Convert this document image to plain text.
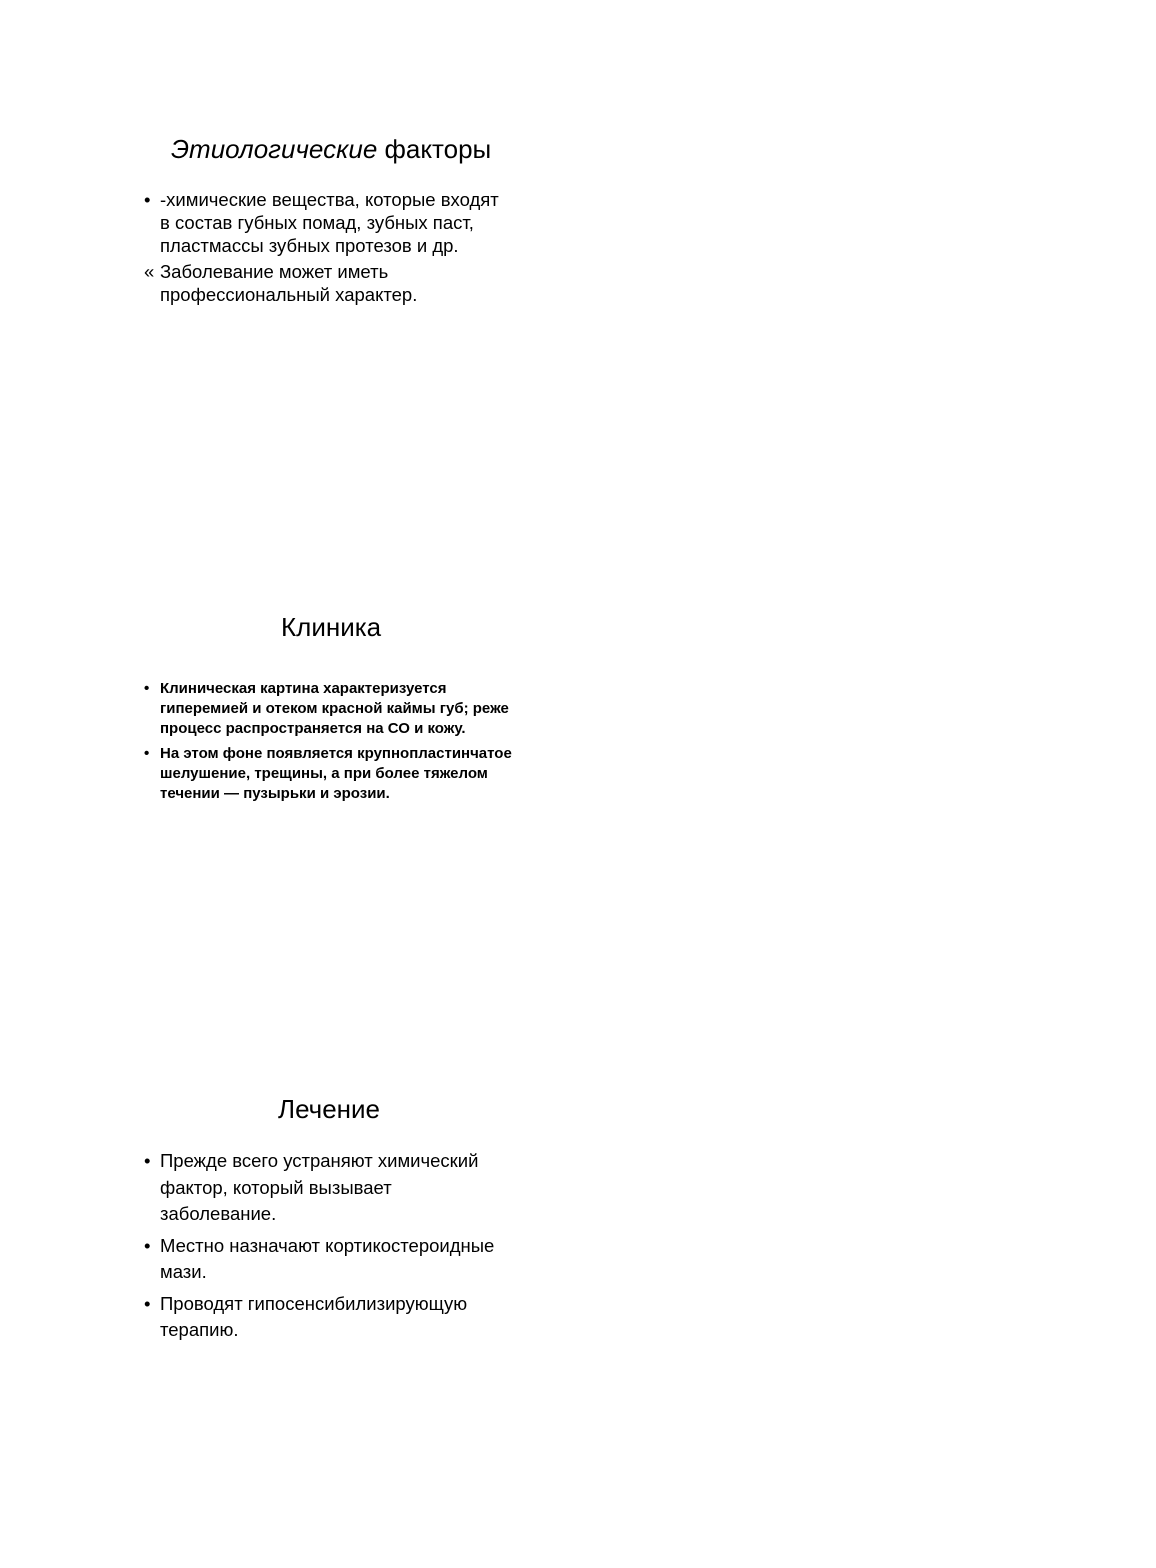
Этиологические факторы
• -химические вещества, которые входят
в состав губных помад, зубных паст,
пластмассы зубных протезов и др.
« Заболевание может иметь
профессиональный характер.
Клиника
• Клиническая картина характеризуется
гиперемией и отеком красной каймы губ; реже
процесс распространяется на СО и кожу.
• На этом фоне появляется крупнопластинчатое
шелушение, трещины, а при более тяжелом
течении — пузырьки и эрозии.
Лечение
• Прежде всего устраняют химический
фактор, который вызывает
заболевание.
• Местно назначают кортикостероидные
мази.
• Проводят гипосенсибилизирующую
терапию.
